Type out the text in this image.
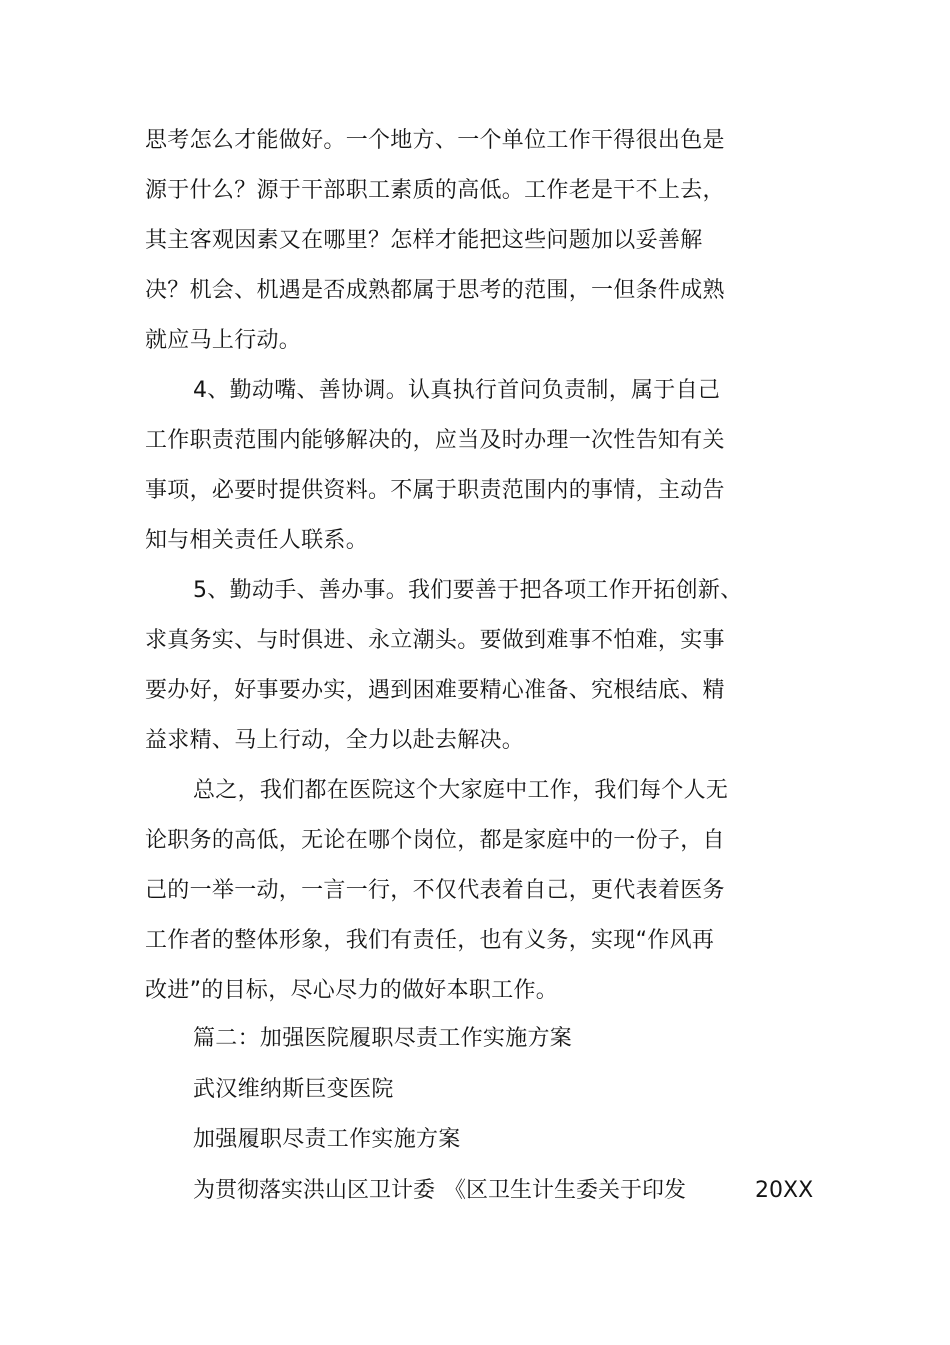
思考怎么才能做好。一个地方、一个单位工作干得很出色是
源于什么？源于干部职工素质的高低。工作老是干不上去，
其主客观因素又在哪里？怎样才能把这些问题加以妥善解
决？机会、机遇是否成熟都属于思考的范围，一但条件成熟
就应马上行动。
4、勤动嘴、善协调。认真执行首问负责制，属于自己
工作职责范围内能够解决的，应当及时办理一次性告知有关
事项，必要时提供资料。不属于职责范围内的事情，主动告
知与相关责任人联系。
5、勤动手、善办事。我们要善于把各项工作开拓创新、
求真务实、与时俱进、永立潮头。要做到难事不怕难，实事
要办好，好事要办实，遇到困难要精心准备、究根结底、精
益求精、马上行动，全力以赴去解决。
总之，我们都在医院这个大家庭中工作，我们每个人无
论职务的高低，无论在哪个岗位，都是家庭中的一份子，自
己的一举一动，一言一行，不仅代表着自己，更代表着医务
工作者的整体形象，我们有责任，也有义务，实现“作风再
改进”的目标，尽心尽力的做好本职工作。
篇二：加强医院履职尽责工作实施方案
武汉维纳斯巨变医院
加强履职尽责工作实施方案
为贯彻落实洪山区卫计委 《区卫生计生委关于印发	20XX
